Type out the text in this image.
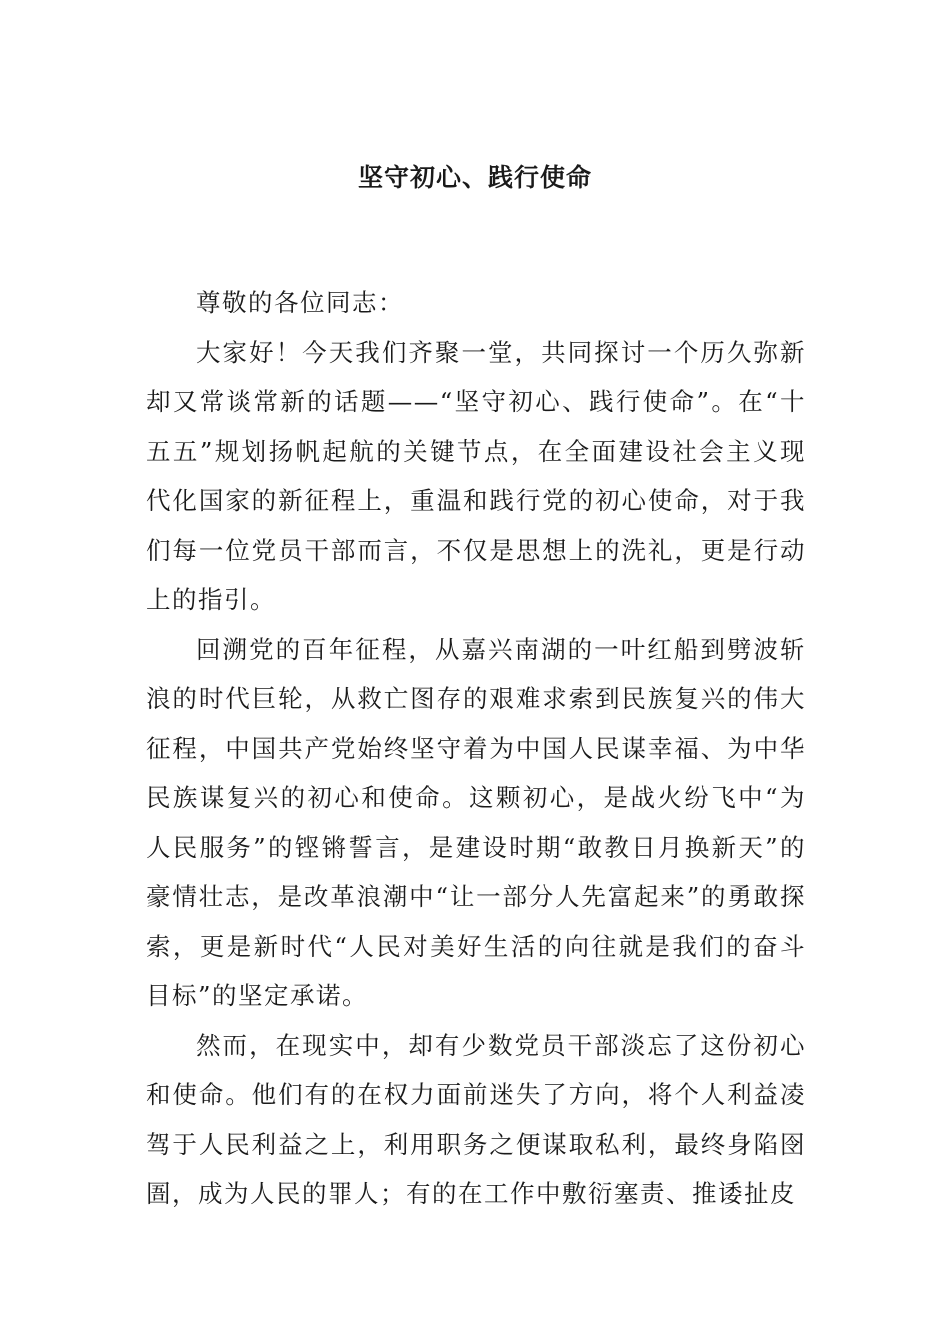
坚守初心、践行使命

尊敬的各位同志：

大家好！今天我们齐聚一堂，共同探讨一个历久弥新却又常谈常新的话题——“坚守初心、践行使命”。在“十五五”规划扬帆起航的关键节点，在全面建设社会主义现代化国家的新征程上，重温和践行党的初心使命，对于我们每一位党员干部而言，不仅是思想上的洗礼，更是行动上的指引。

回溯党的百年征程，从嘉兴南湖的一叶红船到劈波斩浪的时代巨轮，从救亡图存的艰难求索到民族复兴的伟大征程，中国共产党始终坚守着为中国人民谋幸福、为中华民族谋复兴的初心和使命。这颗初心，是战火纷飞中“为人民服务”的铿锵誓言，是建设时期“敢教日月换新天”的豪情壮志，是改革浪潮中“让一部分人先富起来”的勇敢探索，更是新时代“人民对美好生活的向往就是我们的奋斗目标”的坚定承诺。

然而，在现实中，却有少数党员干部淡忘了这份初心和使命。他们有的在权力面前迷失了方向，将个人利益凌驾于人民利益之上，利用职务之便谋取私利，最终身陷囹圄，成为人民的罪人；有的在工作中敷衍塞责、推诿扯皮
